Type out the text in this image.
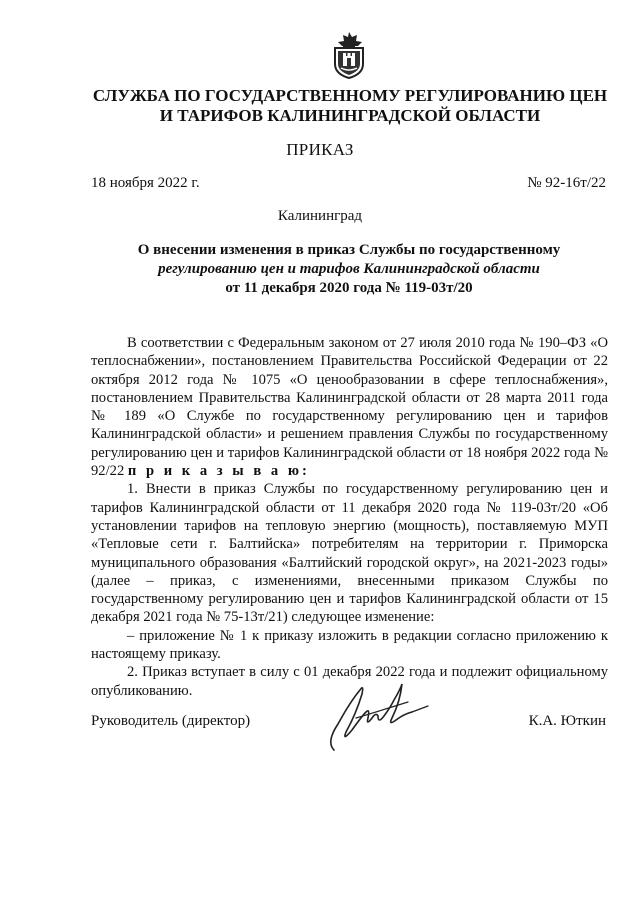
СЛУЖБА ПО ГОСУДАРСТВЕННОМУ РЕГУЛИРОВАНИЮ ЦЕН
И ТАРИФОВ КАЛИНИНГРАДСКОЙ ОБЛАСТИ
ПРИКАЗ
18 ноября 2022 г.	№ 92-16т/22
Калининград
О внесении изменения в приказ Службы по государственному
регулированию цен и тарифов Калининградской области
от 11 декабря 2020 года № 119-03т/20

В соответствии с Федеральным законом от 27 июля 2010 года № 190–ФЗ «О теплоснабжении», постановлением Правительства Российской Федерации от 22 октября 2012 года № 1075 «О ценообразовании в сфере теплоснабжения», постановлением Правительства Калининградской области от 28 марта 2011 года № 189 «О Службе по государственному регулированию цен и тарифов Калининградской области» и решением правления Службы по государственному регулированию цен и тарифов Калининградской области от 18 ноября 2022 года № 92/22 п р и к а з ы в а ю:

1. Внести в приказ Службы по государственному регулированию цен и тарифов Калининградской области от 11 декабря 2020 года № 119-03т/20 «Об установлении тарифов на тепловую энергию (мощность), поставляемую МУП «Тепловые сети г. Балтийска» потребителям на территории г. Приморска муниципального образования «Балтийский городской округ», на 2021-2023 годы» (далее – приказ, с изменениями, внесенными приказом Службы по государственному регулированию цен и тарифов Калининградской области от 15 декабря 2021 года № 75-13т/21) следующее изменение:

– приложение № 1 к приказу изложить в редакции согласно приложению к настоящему приказу.

2. Приказ вступает в силу с 01 декабря 2022 года и подлежит официальному опубликованию.

Руководитель (директор)	К.А. Юткин
